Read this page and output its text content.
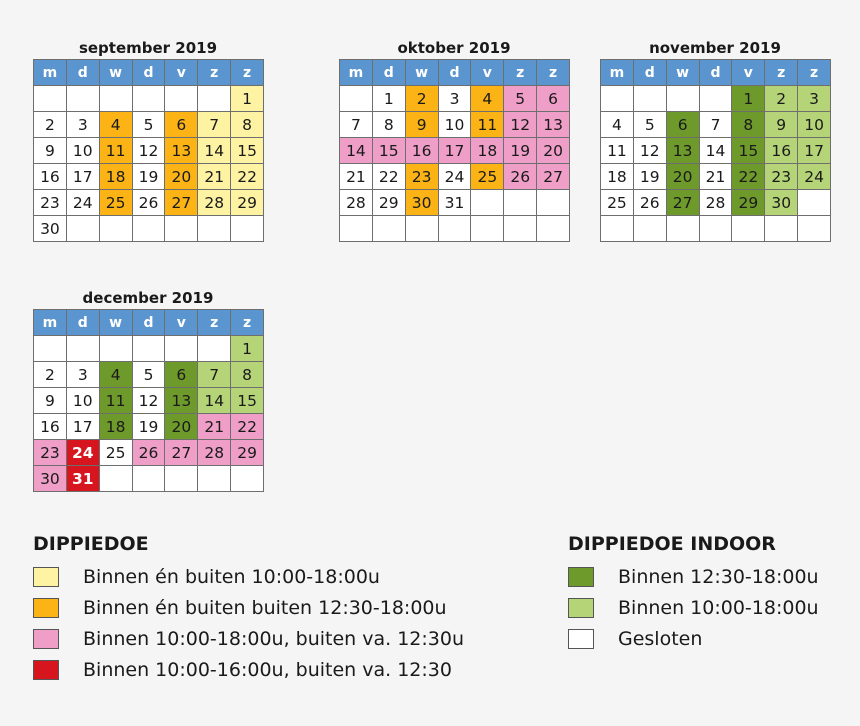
september 2019
m	d	w	d	v	z	z
						1
2	3	4	5	6	7	8
9	10	11	12	13	14	15
16	17	18	19	20	21	22
23	24	25	26	27	28	29
30						
oktober 2019
m	d	w	d	v	z	z
	1	2	3	4	5	6
7	8	9	10	11	12	13
14	15	16	17	18	19	20
21	22	23	24	25	26	27
28	29	30	31			

november 2019
m	d	w	d	v	z	z
				1	2	3
4	5	6	7	8	9	10
11	12	13	14	15	16	17
18	19	20	21	22	23	24
25	26	27	28	29	30	

december 2019
m	d	w	d	v	z	z
						1
2	3	4	5	6	7	8
9	10	11	12	13	14	15
16	17	18	19	20	21	22
23	24	25	26	27	28	29
30	31					
DIPPIEDOE
Binnen én buiten 10:00-18:00u
Binnen én buiten buiten 12:30-18:00u
Binnen 10:00-18:00u, buiten va. 12:30u
Binnen 10:00-16:00u, buiten va. 12:30
DIPPIEDOE INDOOR
Binnen 12:30-18:00u
Binnen 10:00-18:00u
Gesloten
